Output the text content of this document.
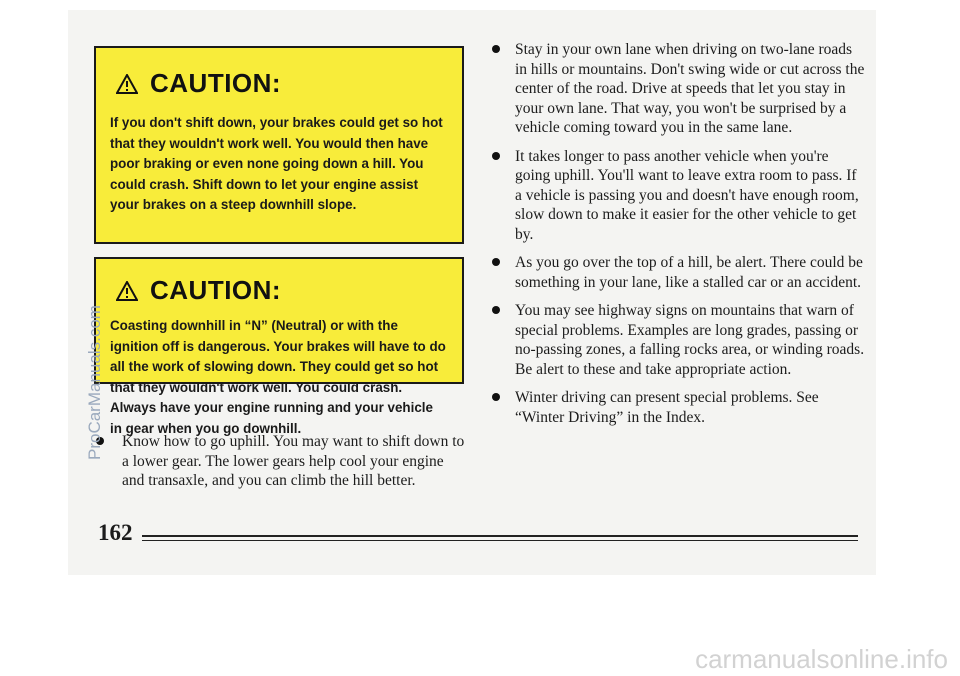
CAUTION:
If you don't shift down, your brakes could get so hot that they wouldn't work well. You would then have poor braking or even none going down a hill. You could crash. Shift down to let your engine assist your brakes on a steep downhill slope.
CAUTION:
Coasting downhill in “N” (Neutral) or with the ignition off is dangerous. Your brakes will have to do all the work of slowing down. They could get so hot that they wouldn't work well. You could crash. Always have your engine running and your vehicle in gear when you go downhill.
Know how to go uphill. You may want to shift down to a lower gear. The lower gears help cool your engine and transaxle, and you can climb the hill better.
Stay in your own lane when driving on two-lane roads in hills or mountains. Don't swing wide or cut across the center of the road. Drive at speeds that let you stay in your own lane. That way, you won't be surprised by a vehicle coming toward you in the same lane.
It takes longer to pass another vehicle when you're going uphill. You'll want to leave extra room to pass. If a vehicle is passing you and doesn't have enough room, slow down to make it easier for the other vehicle to get by.
As you go over the top of a hill, be alert. There could be something in your lane, like a stalled car or an accident.
You may see highway signs on mountains that warn of special problems. Examples are long grades, passing or no-passing zones, a falling rocks area, or winding roads. Be alert to these and take appropriate action.
Winter driving can present special problems. See “Winter Driving” in the Index.
162
ProCarManuals.com
carmanualsonline.info
